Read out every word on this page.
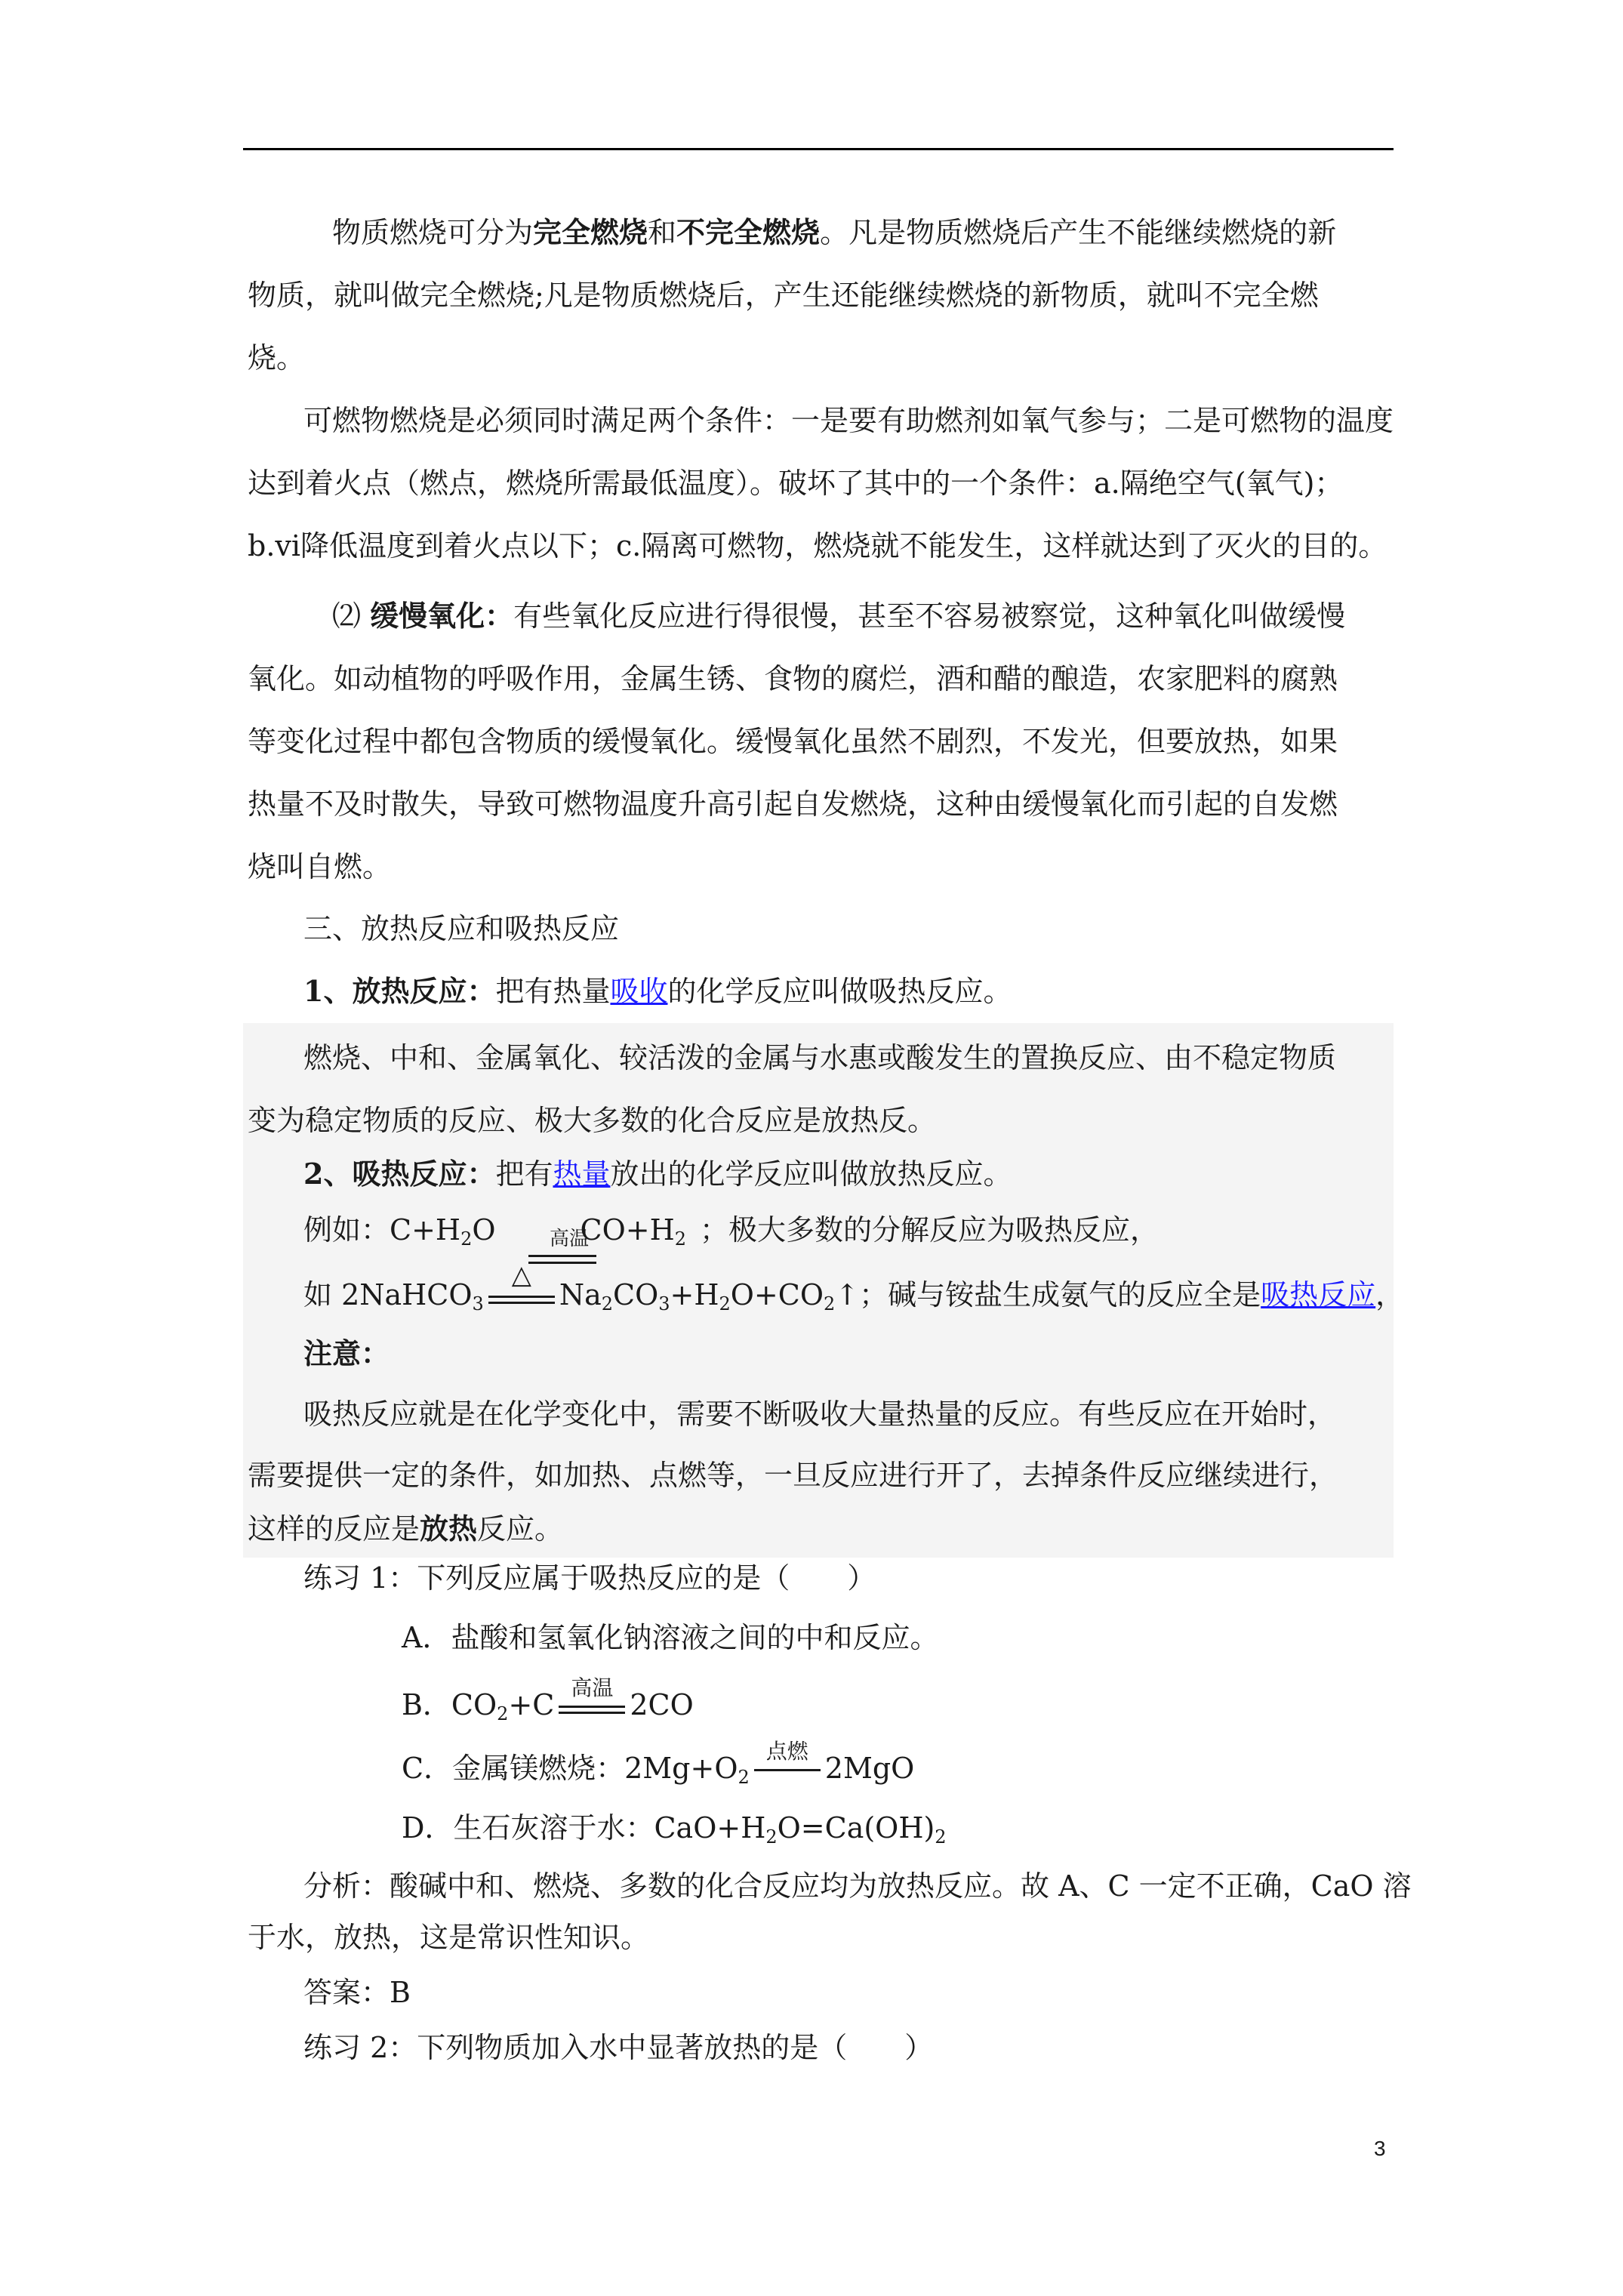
物质燃烧可分为完全燃烧和不完全燃烧。凡是物质燃烧后产生不能继续燃烧的新
物质，就叫做完全燃烧;凡是物质燃烧后，产生还能继续燃烧的新物质，就叫不完全燃
烧。
可燃物燃烧是必须同时满足两个条件：一是要有助燃剂如氧气参与；二是可燃物的温度
达到着火点（燃点，燃烧所需最低温度）。破坏了其中的一个条件：a.隔绝空气(氧气)；
b.vi降低温度到着火点以下；c.隔离可燃物，燃烧就不能发生，这样就达到了灭火的目的。
⑵ 缓慢氧化：有些氧化反应进行得很慢，甚至不容易被察觉，这种氧化叫做缓慢
氧化。如动植物的呼吸作用，金属生锈、食物的腐烂，酒和醋的酿造，农家肥料的腐熟
等变化过程中都包含物质的缓慢氧化。缓慢氧化虽然不剧烈，不发光，但要放热，如果
热量不及时散失，导致可燃物温度升高引起自发燃烧，这种由缓慢氧化而引起的自发燃
烧叫自燃。
三、放热反应和吸热反应
1、放热反应：把有热量吸收的化学反应叫做吸热反应。
燃烧、中和、金属氧化、较活泼的金属与水惠或酸发生的置换反应、由不稳定物质
变为稳定物质的反应、极大多数的化合反应是放热反。
2、吸热反应：把有热量放出的化学反应叫做放热反应。
例如：$C+H_2O$	$CO+H_2$ ；极大多数的分解反应为吸热反应，
高温
如 2NaHCO$_3$
△
$Na_2CO_3+H_2O+CO_2↑$；碱与铵盐生成氨气的反应全是吸热反应，
注意：
吸热反应就是在化学变化中，需要不断吸收大量热量的反应。有些反应在开始时，
需要提供一定的条件，如加热、点燃等，一旦反应进行开了，去掉条件反应继续进行，
这样的反应是放热反应。
练习 1：下列反应属于吸热反应的是（　　）
A．盐酸和氢氧化钠溶液之间的中和反应。
B．$CO_2+C$
高温
2CO
C．金属镁燃烧：$2Mg+O_2$
点燃
2MgO
D．生石灰溶于水：$CaO+H_2O=Ca(OH)_2$
分析：酸碱中和、燃烧、多数的化合反应均为放热反应。故 A、C 一定不正确，CaO 溶
于水，放热，这是常识性知识。
答案：B
练习 2：下列物质加入水中显著放热的是（　　）
3
